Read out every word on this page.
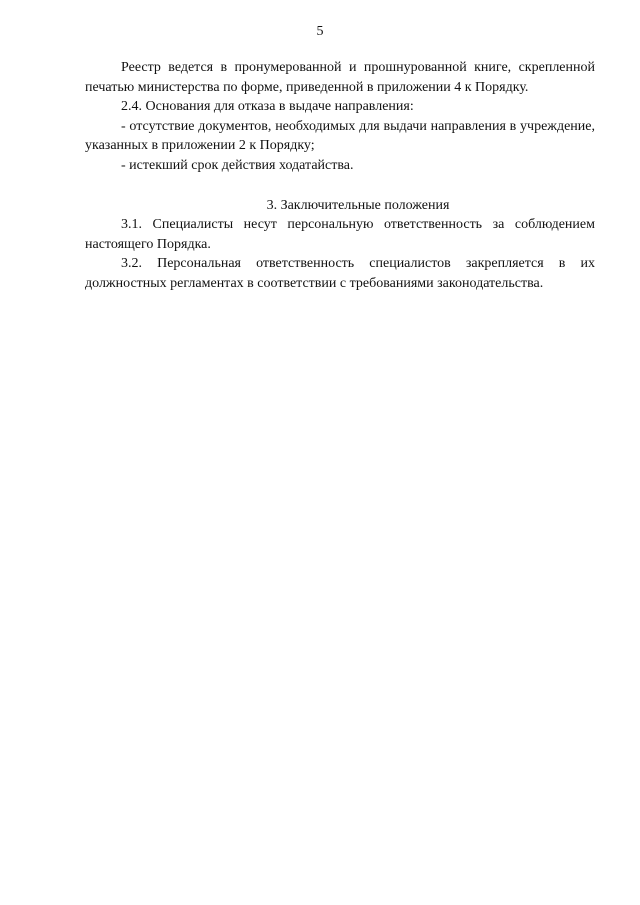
5

Реестр ведется в пронумерованной и прошнурованной книге, скрепленной печатью министерства по форме, приведенной в приложении 4 к Порядку.

2.4. Основания для отказа в выдаче направления:

- отсутствие документов, необходимых для выдачи направления в учреждение, указанных в приложении 2 к Порядку;

- истекший срок действия ходатайства.

3. Заключительные положения

3.1. Специалисты несут персональную ответственность за соблюдением настоящего Порядка.

3.2. Персональная ответственность специалистов закрепляется в их должностных регламентах в соответствии с требованиями законодательства.
